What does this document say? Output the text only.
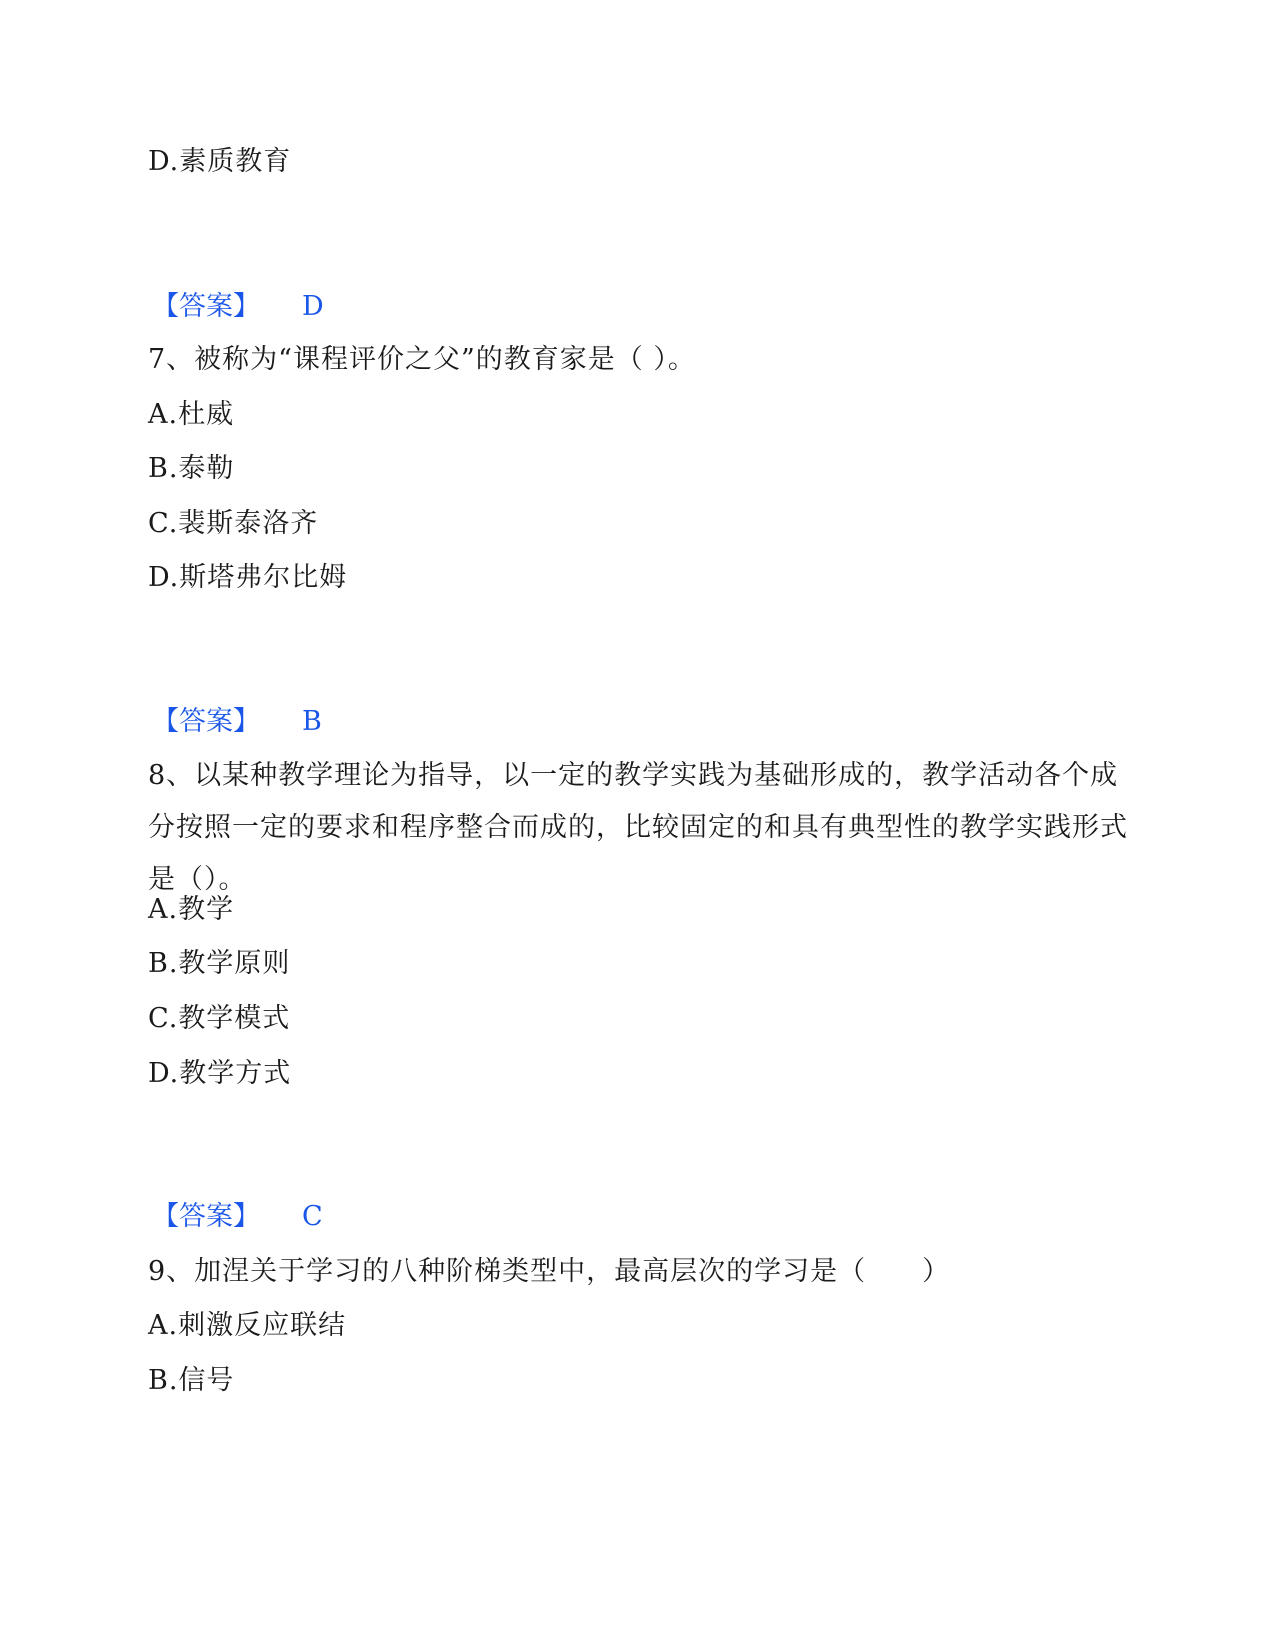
D.素质教育
【答案】 D
7、被称为“课程评价之父”的教育家是（ ）。
A.杜威
B.泰勒
C.裴斯泰洛齐
D.斯塔弗尔比姆
【答案】 B
8、以某种教学理论为指导，以一定的教学实践为基础形成的，教学活动各个成分按照一定的要求和程序整合而成的，比较固定的和具有典型性的教学实践形式是（）。
A.教学
B.教学原则
C.教学模式
D.教学方式
【答案】 C
9、加涅关于学习的八种阶梯类型中，最高层次的学习是（　　）
A.刺激反应联结
B.信号
